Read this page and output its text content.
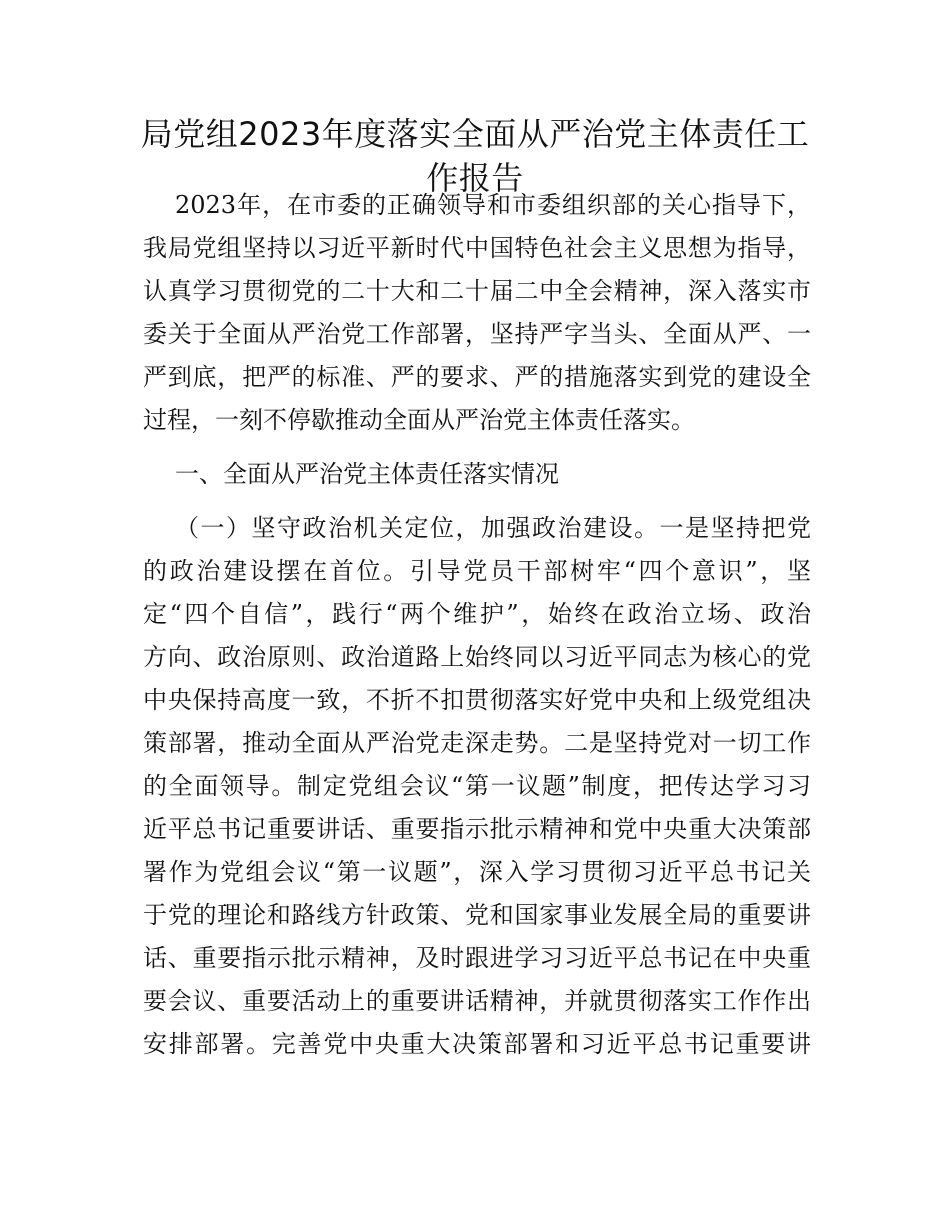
局党组2023年度落实全面从严治党主体责任工
作报告
2023年，在市委的正确领导和市委组织部的关心指导下，
我局党组坚持以习近平新时代中国特色社会主义思想为指导，
认真学习贯彻党的二十大和二十届二中全会精神，深入落实市
委关于全面从严治党工作部署，坚持严字当头、全面从严、一
严到底，把严的标准、严的要求、严的措施落实到党的建设全
过程，一刻不停歇推动全面从严治党主体责任落实。
一、全面从严治党主体责任落实情况
（一）坚守政治机关定位，加强政治建设。一是坚持把党
的政治建设摆在首位。引导党员干部树牢“四个意识”，坚
定“四个自信”，践行“两个维护”，始终在政治立场、政治
方向、政治原则、政治道路上始终同以习近平同志为核心的党
中央保持高度一致，不折不扣贯彻落实好党中央和上级党组决
策部署，推动全面从严治党走深走势。二是坚持党对一切工作
的全面领导。制定党组会议“第一议题”制度，把传达学习习
近平总书记重要讲话、重要指示批示精神和党中央重大决策部
署作为党组会议“第一议题”，深入学习贯彻习近平总书记关
于党的理论和路线方针政策、党和国家事业发展全局的重要讲
话、重要指示批示精神，及时跟进学习习近平总书记在中央重
要会议、重要活动上的重要讲话精神，并就贯彻落实工作作出
安排部署。完善党中央重大决策部署和习近平总书记重要讲
